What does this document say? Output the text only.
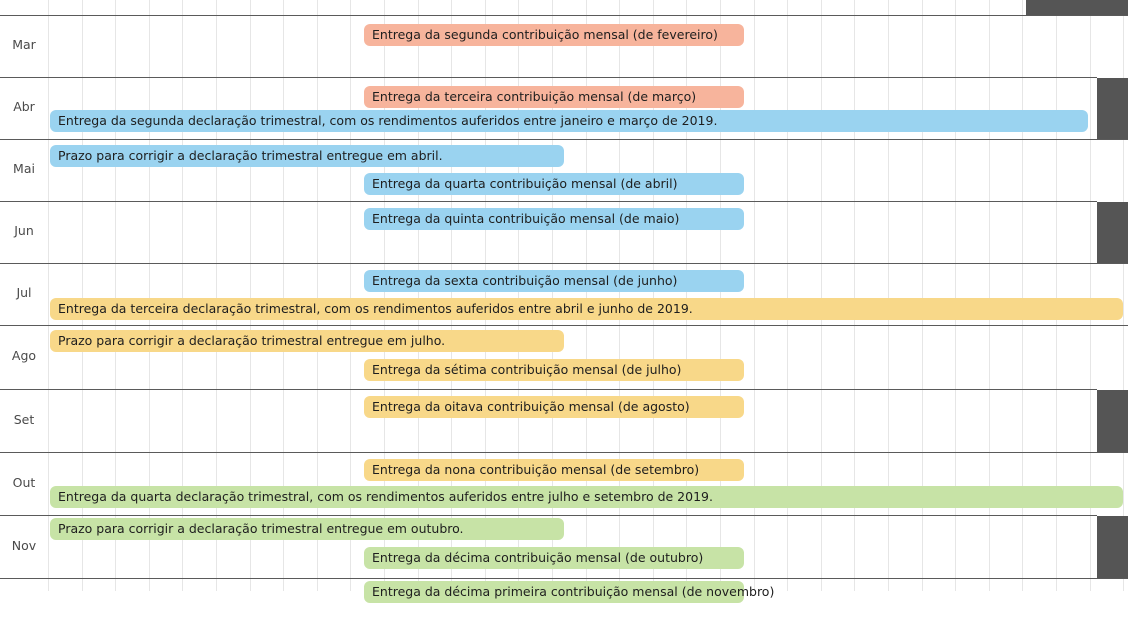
Mar
Entrega da segunda contribuição mensal (de fevereiro)
Abr
Entrega da terceira contribuição mensal (de março)
Entrega da segunda declaração trimestral, com os rendimentos auferidos entre janeiro e março de 2019.
Mai
Prazo para corrigir a declaração trimestral entregue em abril.
Entrega da quarta contribuição mensal (de abril)
Jun
Entrega da quinta contribuição mensal (de maio)
Jul
Entrega da sexta contribuição mensal (de junho)
Entrega da terceira declaração trimestral, com os rendimentos auferidos entre abril e junho de 2019.
Ago
Prazo para corrigir a declaração trimestral entregue em julho.
Entrega da sétima contribuição mensal (de julho)
Set
Entrega da oitava contribuição mensal (de agosto)
Out
Entrega da nona contribuição mensal (de setembro)
Entrega da quarta declaração trimestral, com os rendimentos auferidos entre julho e setembro de 2019.
Nov
Prazo para corrigir a declaração trimestral entregue em outubro.
Entrega da décima contribuição mensal (de outubro)
Entrega da décima primeira contribuição mensal (de novembro)
